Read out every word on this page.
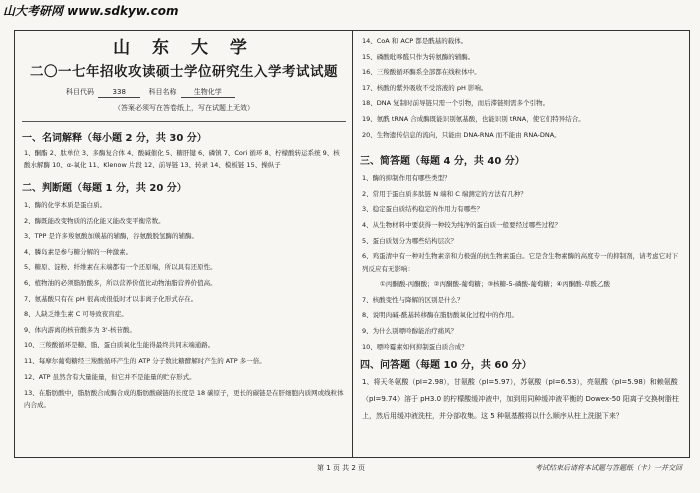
山大考研网 www.sdkyw.com
山 东 大 学
二〇一七年招收攻读硕士学位研究生入学考试试题
科目代码	338	科目名称 生物化学
（答案必须写在答卷纸上，写在试题上无效）
一、名词解释（每小题 2 分，共 30 分）
1、酮酯 2、肽单位 3、多酶复合体 4、酸碱催化 5、糖肝键 6、磷镇 7、Cori 循环 8、柠檬酸转运系统 9、核酸水解酶 10、α-氧化 11、Klenow 片段 12、前导链 13、转录 14、模板链 15、操纵子
二、判断题（每题 1 分，共 20 分）
1、酶的化学本质是蛋白质。
2、酶既能改变物质的活化能又能改变平衡常数。
3、TPP 是许多羧氨酸加羰基的辅酶，谷氨酸脱氢酶的辅酶。
4、膦岛素是参与糖分解的一种激素。
5、糖原、淀粉、纤维素在末端都有一个还原端，所以具有还原性。
6、植物油的必须脂肪酸多，所以营养价值比动物油脂营养价值高。
7、氨基酸只有在 pH 很高或很低时才以非离子化形式存在。
8、人缺乏维生素 C 可导致夜盲症。
9、体内游离的核苷酸多为 3'-核苷酸。
10、三羧酸循环是糖、脂、蛋白质氧化生能得最终共同末端通路。
11、每摩尔葡萄糖经三羧酸循环产生的 ATP 分子数比糖酵解时产生的 ATP 多一倍。
12、ATP 虽然含有大量能量，但它并不是能量的贮存形式。
13、在脂肪酸中，脂肪酸合成酶合成的脂肪酸碳链的长度是 18 碳原子，更长的碳链是在肝细胞内质网或线粒体内合成。
14、CoA 和 ACP 都是酰基的载体。
15、磷酸吡哆醛只作为转氨酶的辅酶。
16、三羧酸循环酶系全部都在线粒体中。
17、核酸的紫外吸收不受溶液的 pH 影响。
18、DNA 复制时前导链只需一个引物，而后滞链则需多个引物。
19、氨酰 tRNA 合成酶既能识别氨基酸，也能识别 tRNA，使它们特异结合。
20、生物遗传信息的流向，只能由 DNA-RNA 而不能由 RNA-DNA。
三、简答题（每题 4 分，共 40 分）
1、酶的抑制作用有哪些类型？
2、常用于蛋白质多肽链 N 端和 C 端测定的方法有几种？
3、稳定蛋白质结构稳定的作用力有哪些？
4、从生物材料中要获得一种较为纯净的蛋白质一般要经过哪些过程？
5、蛋白质划分为哪些结构层次？
6、鸡蛋清中有一种对生物素亲和力极强的抗生物素蛋白。它是含生物素酶的高度专一的抑制剂，请考虑它对下列反应有无影响：
①丙酮酸-丙酮酸；②丙酮酸-葡萄糖；③核糖-5-磷酸-葡萄糖；④丙酮酸-草酰乙酸
7、核酸变性与降解的区别是什么？
8、说明肉碱-酰基转移酶在脂肪酸氧化过程中的作用。
9、为什么别嘌呤醇能治疗痛风？
10、嘌呤霉素如何抑制蛋白质合成？
四、问答题（每题 10 分，共 60 分）
1、将天冬氨酸（pI=2.98），甘氨酸（pI=5.97），苏氨酸（pI=6.53），亮氨酸（pI=5.98）和赖氨酸（pI=9.74）溶于 pH3.0 的柠檬酸缓冲液中，加到用同种缓冲液平衡的 Dowex-50 阳离子交换树脂柱上，然后用缓冲液洗柱，并分部收集。这 5 种氨基酸将以什么顺序从柱上洗脱下来？
第 1 页 共 2 页	考试结束后请将本试题与答题纸（卡）一并交回
